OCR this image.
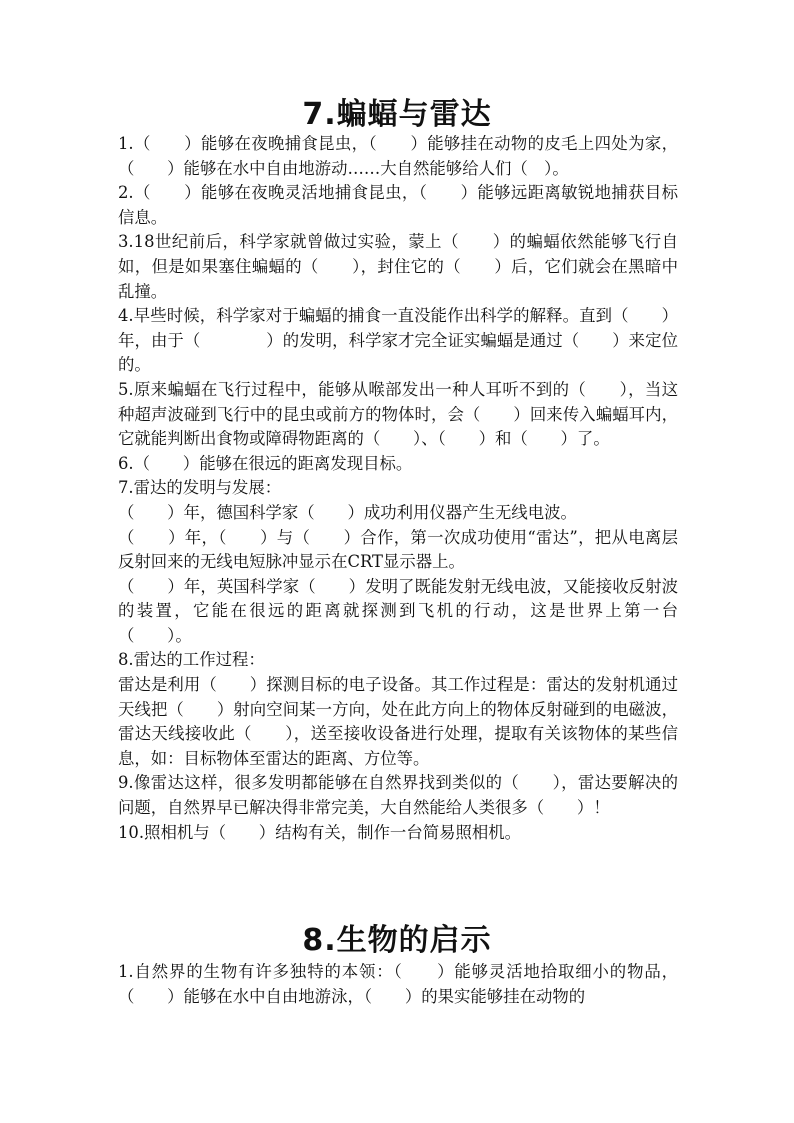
7.蝙蝠与雷达

1.（　　）能够在夜晚捕食昆虫，（　　）能够挂在动物的皮毛上四处为家，（　　）能够在水中自由地游动……大自然能够给人们（　）。

2.（　　）能够在夜晚灵活地捕食昆虫，（　　）能够远距离敏锐地捕获目标信息。

3.18世纪前后，科学家就曾做过实验，蒙上（　　）的蝙蝠依然能够飞行自如，但是如果塞住蝙蝠的（　　），封住它的（　　）后，它们就会在黑暗中乱撞。

4.早些时候，科学家对于蝙蝠的捕食一直没能作出科学的解释。直到（　　）年，由于（　　　　）的发明，科学家才完全证实蝙蝠是通过（　　）来定位的。

5.原来蝙蝠在飞行过程中，能够从喉部发出一种人耳听不到的（　　），当这种超声波碰到飞行中的昆虫或前方的物体时，会（　　）回来传入蝙蝠耳内，它就能判断出食物或障碍物距离的（　　）、（　　）和（　　）了。

6.（　　）能够在很远的距离发现目标。

7.雷达的发明与发展：

（　　）年，德国科学家（　　）成功利用仪器产生无线电波。

（　　）年，（　　）与（　　）合作，第一次成功使用“雷达”，把从电离层反射回来的无线电短脉冲显示在CRT显示器上。

（　　）年，英国科学家（　　）发明了既能发射无线电波，又能接收反射波的装置，它能在很远的距离就探测到飞机的行动，这是世界上第一台（　　）。

8.雷达的工作过程：

雷达是利用（　　）探测目标的电子设备。其工作过程是：雷达的发射机通过天线把（　　）射向空间某一方向，处在此方向上的物体反射碰到的电磁波，雷达天线接收此（　　），送至接收设备进行处理，提取有关该物体的某些信息，如：目标物体至雷达的距离、方位等。

9.像雷达这样，很多发明都能够在自然界找到类似的（　　），雷达要解决的问题，自然界早已解决得非常完美，大自然能给人类很多（　　）！

10.照相机与（　　）结构有关，制作一台简易照相机。

8.生物的启示

1.自然界的生物有许多独特的本领：（　　）能够灵活地拾取细小的物品，（　　）能够在水中自由地游泳，（　　）的果实能够挂在动物的
